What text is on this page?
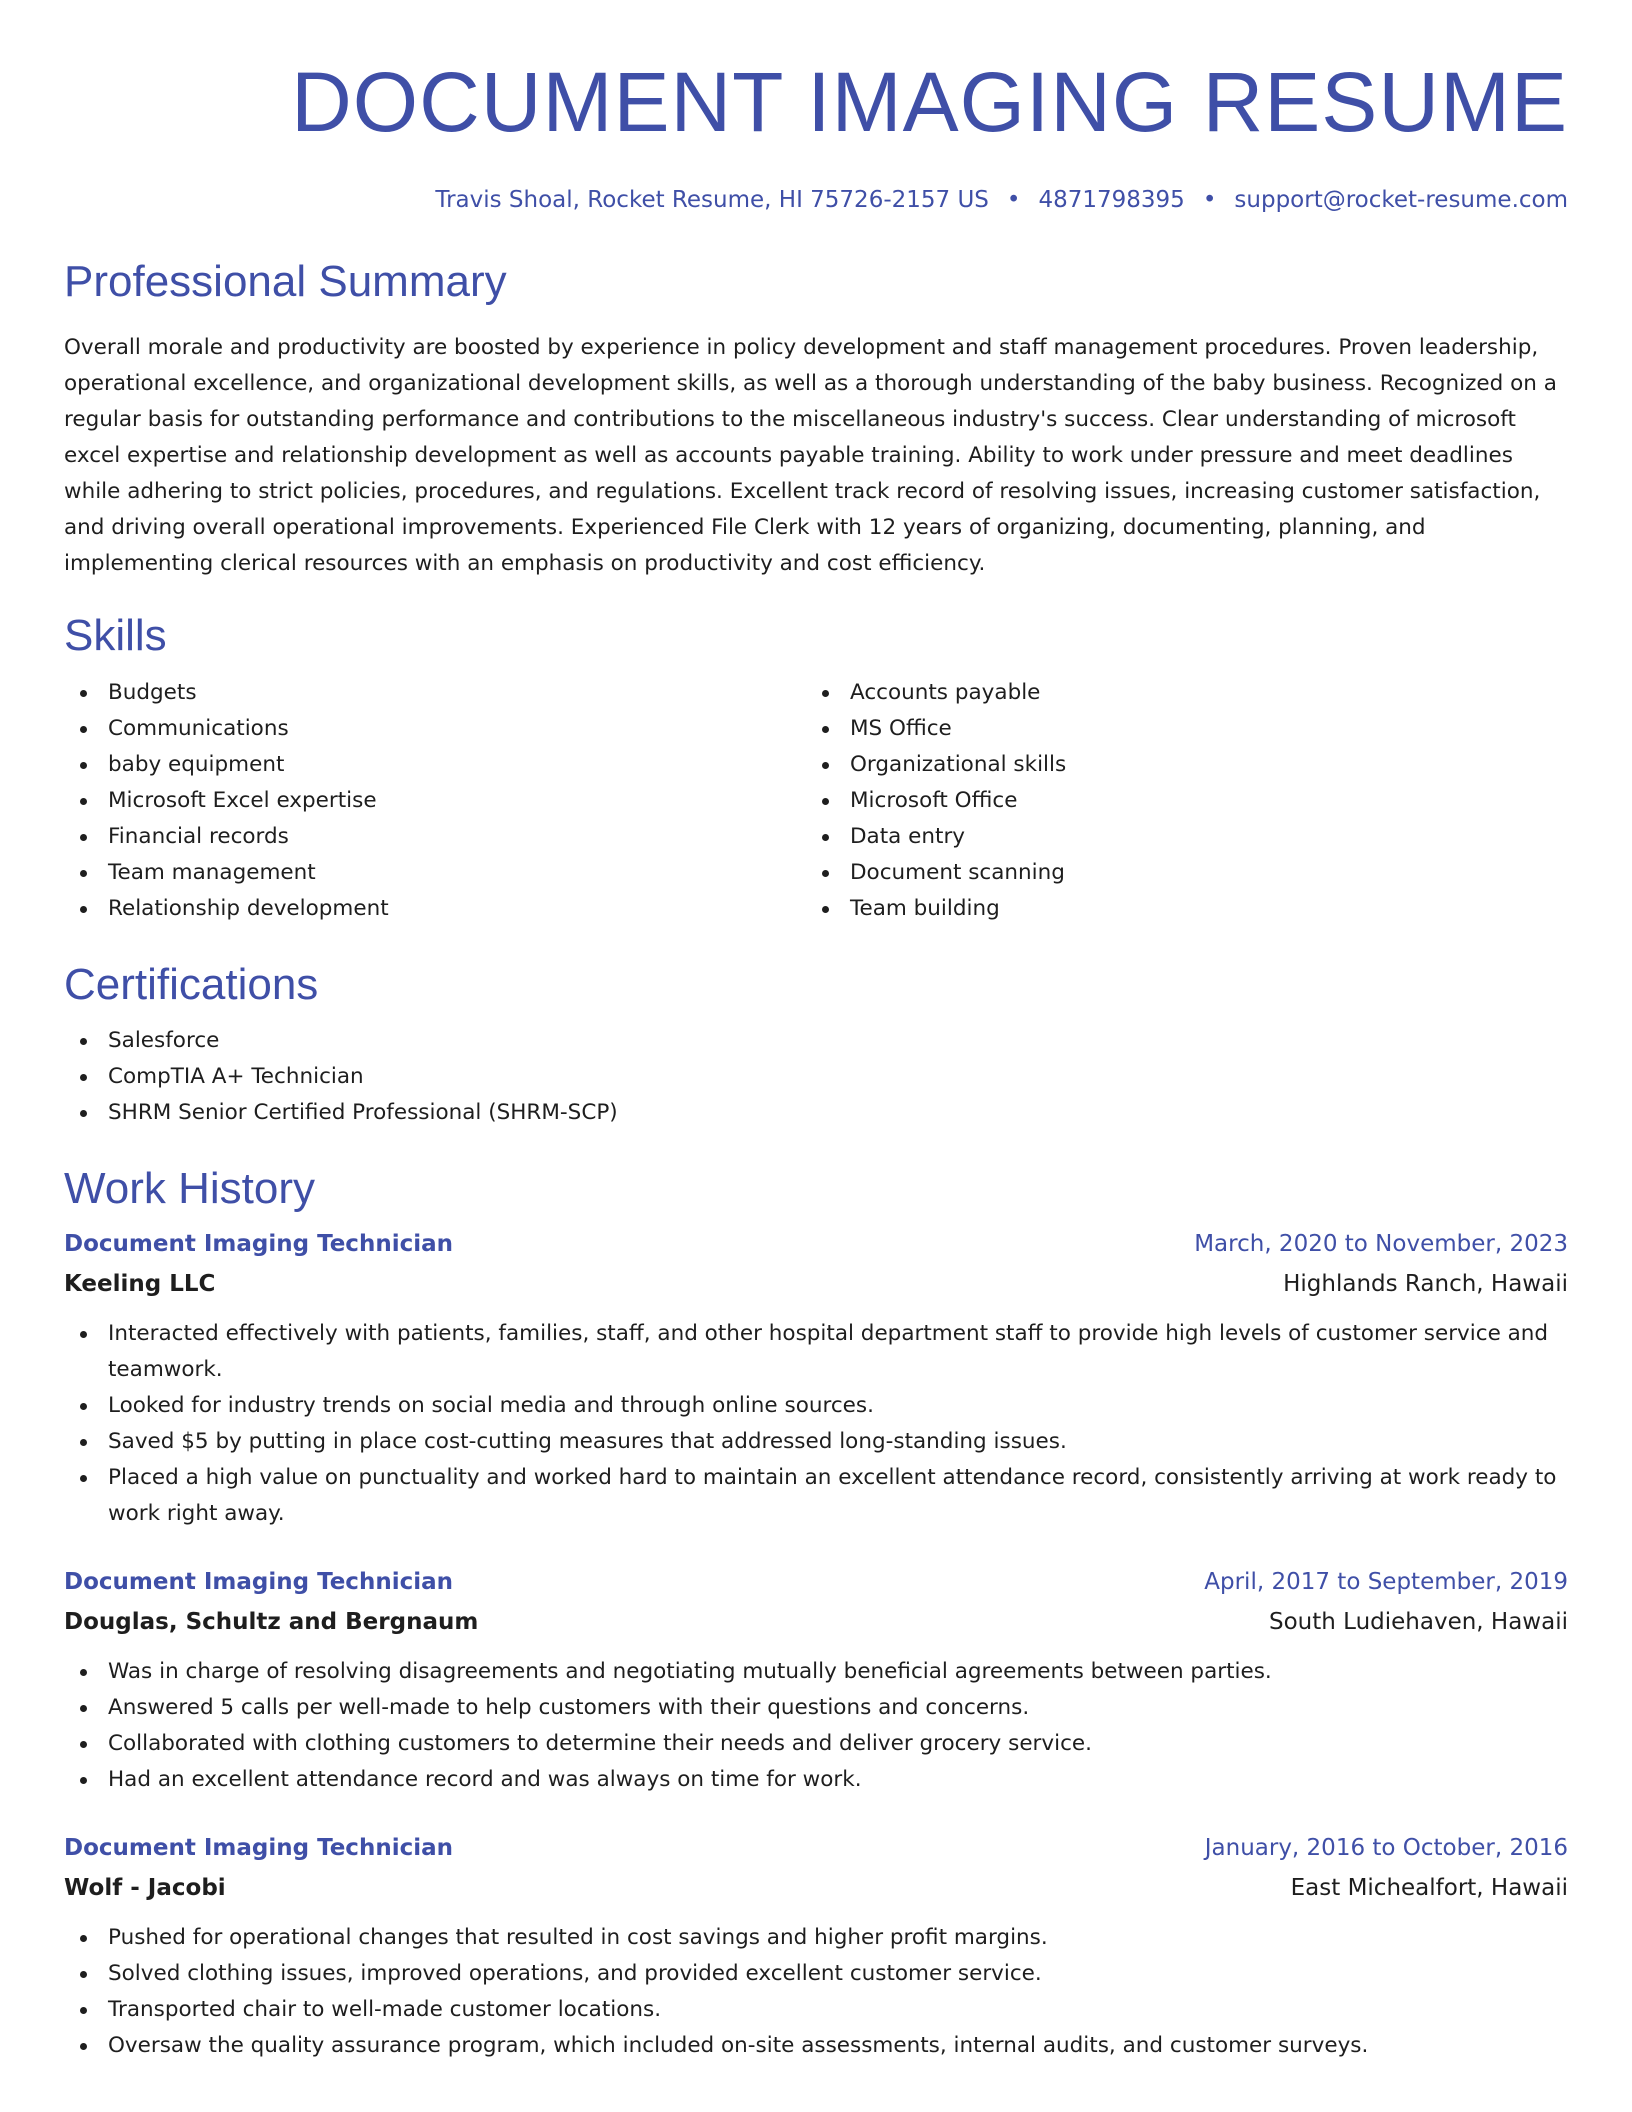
DOCUMENT IMAGING RESUME
Travis Shoal, Rocket Resume, HI 75726-2157 US • 4871798395 • support@rocket-resume.com
Professional Summary

Overall morale and productivity are boosted by experience in policy development and staff management procedures. Proven leadership, operational excellence, and organizational development skills, as well as a thorough understanding of the baby business. Recognized on a regular basis for outstanding performance and contributions to the miscellaneous industry's success. Clear understanding of microsoft excel expertise and relationship development as well as accounts payable training. Ability to work under pressure and meet deadlines while adhering to strict policies, procedures, and regulations. Excellent track record of resolving issues, increasing customer satisfaction, and driving overall operational improvements. Experienced File Clerk with 12 years of organizing, documenting, planning, and implementing clerical resources with an emphasis on productivity and cost efficiency.

Skills
Budgets
Communications
baby equipment
Microsoft Excel expertise
Financial records
Team management
Relationship development
Accounts payable
MS Office
Organizational skills
Microsoft Office
Data entry
Document scanning
Team building
Certifications
Salesforce
CompTIA A+ Technician
SHRM Senior Certified Professional (SHRM-SCP)
Work History
Document Imaging Technician	March, 2020 to November, 2023
Keeling LLC	Highlands Ranch, Hawaii
Interacted effectively with patients, families, staff, and other hospital department staff to provide high levels of customer service and teamwork.
Looked for industry trends on social media and through online sources.
Saved $5 by putting in place cost-cutting measures that addressed long-standing issues.
Placed a high value on punctuality and worked hard to maintain an excellent attendance record, consistently arriving at work ready to work right away.
Document Imaging Technician	April, 2017 to September, 2019
Douglas, Schultz and Bergnaum	South Ludiehaven, Hawaii
Was in charge of resolving disagreements and negotiating mutually beneficial agreements between parties.
Answered 5 calls per well-made to help customers with their questions and concerns.
Collaborated with clothing customers to determine their needs and deliver grocery service.
Had an excellent attendance record and was always on time for work.
Document Imaging Technician	January, 2016 to October, 2016
Wolf - Jacobi	East Michealfort, Hawaii
Pushed for operational changes that resulted in cost savings and higher profit margins.
Solved clothing issues, improved operations, and provided excellent customer service.
Transported chair to well-made customer locations.
Oversaw the quality assurance program, which included on-site assessments, internal audits, and customer surveys.
